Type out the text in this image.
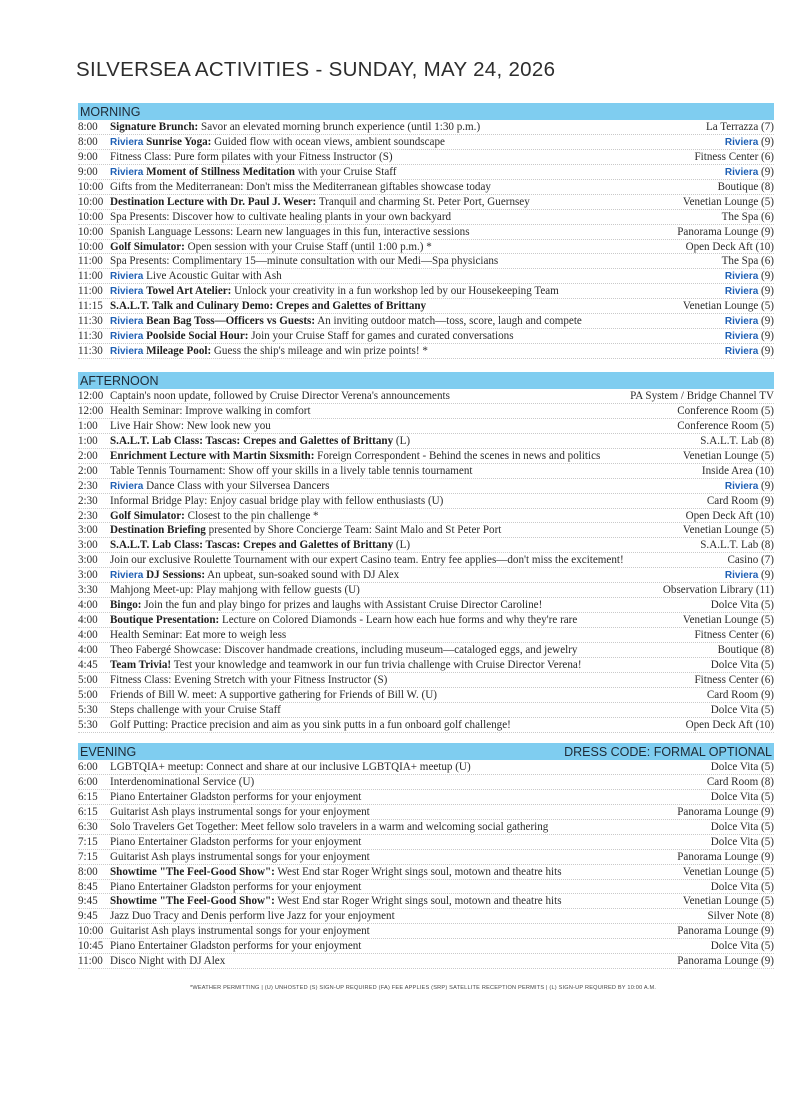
SILVERSEA ACTIVITIES - SUNDAY, MAY 24, 2026
MORNING
8:00	Signature Brunch: Savor an elevated morning brunch experience (until 1:30 p.m.)	La Terrazza (7)
8:00	Riviera Sunrise Yoga: Guided flow with ocean views, ambient soundscape	Riviera (9)
9:00	Fitness Class: Pure form pilates with your Fitness Instructor (S)	Fitness Center (6)
9:00	Riviera Moment of Stillness Meditation with your Cruise Staff	Riviera (9)
10:00 Gifts from the Mediterranean: Don't miss the Mediterranean giftables showcase today	Boutique (8)
10:00 Destination Lecture with Dr. Paul J. Weser: Tranquil and charming St. Peter Port, Guernsey	Venetian Lounge (5)
10:00 Spa Presents: Discover how to cultivate healing plants in your own backyard	The Spa (6)
10:00 Spanish Language Lessons: Learn new languages in this fun, interactive sessions	Panorama Lounge (9)
10:00 Golf Simulator: Open session with your Cruise Staff (until 1:00 p.m.) *	Open Deck Aft (10)
11:00 Spa Presents: Complimentary 15—minute consultation with our Medi—Spa physicians	The Spa (6)
11:00 Riviera Live Acoustic Guitar with Ash	Riviera (9)
11:00 Riviera Towel Art Atelier: Unlock your creativity in a fun workshop led by our Housekeeping Team	Riviera (9)
11:15 S.A.L.T. Talk and Culinary Demo: Crepes and Galettes of Brittany	Venetian Lounge (5)
11:30 Riviera Bean Bag Toss—Officers vs Guests: An inviting outdoor match—toss, score, laugh and compete	Riviera (9)
11:30 Riviera Poolside Social Hour: Join your Cruise Staff for games and curated conversations	Riviera (9)
11:30 Riviera Mileage Pool: Guess the ship's mileage and win prize points! *	Riviera (9)
AFTERNOON
12:00 Captain's noon update, followed by Cruise Director Verena's announcements	PA System / Bridge Channel TV
12:00 Health Seminar: Improve walking in comfort	Conference Room (5)
1:00	Live Hair Show: New look new you	Conference Room (5)
1:00	S.A.L.T. Lab Class: Tascas: Crepes and Galettes of Brittany (L)	S.A.L.T. Lab (8)
2:00	Enrichment Lecture with Martin Sixsmith: Foreign Correspondent - Behind the scenes in news and politics	Venetian Lounge (5)
2:00	Table Tennis Tournament: Show off your skills in a lively table tennis tournament	Inside Area (10)
2:30	Riviera Dance Class with your Silversea Dancers	Riviera (9)
2:30	Informal Bridge Play: Enjoy casual bridge play with fellow enthusiasts (U)	Card Room (9)
2:30	Golf Simulator: Closest to the pin challenge *	Open Deck Aft (10)
3:00	Destination Briefing presented by Shore Concierge Team: Saint Malo and St Peter Port	Venetian Lounge (5)
3:00	S.A.L.T. Lab Class: Tascas: Crepes and Galettes of Brittany (L)	S.A.L.T. Lab (8)
3:00	Join our exclusive Roulette Tournament with our expert Casino team. Entry fee applies—don't miss the excitement!	Casino (7)
3:00	Riviera DJ Sessions: An upbeat, sun-soaked sound with DJ Alex	Riviera (9)
3:30	Mahjong Meet-up: Play mahjong with fellow guests (U)	Observation Library (11)
4:00	Bingo: Join the fun and play bingo for prizes and laughs with Assistant Cruise Director Caroline!	Dolce Vita (5)
4:00	Boutique Presentation: Lecture on Colored Diamonds - Learn how each hue forms and why they're rare	Venetian Lounge (5)
4:00	Health Seminar: Eat more to weigh less	Fitness Center (6)
4:00	Theo Fabergé Showcase: Discover handmade creations, including museum—cataloged eggs, and jewelry	Boutique (8)
4:45	Team Trivia! Test your knowledge and teamwork in our fun trivia challenge with Cruise Director Verena!	Dolce Vita (5)
5:00	Fitness Class: Evening Stretch with your Fitness Instructor (S)	Fitness Center (6)
5:00	Friends of Bill W. meet: A supportive gathering for Friends of Bill W. (U)	Card Room (9)
5:30	Steps challenge with your Cruise Staff	Dolce Vita (5)
5:30	Golf Putting: Practice precision and aim as you sink putts in a fun onboard golf challenge!	Open Deck Aft (10)
EVENING	DRESS CODE: FORMAL OPTIONAL
6:00	LGBTQIA+ meetup: Connect and share at our inclusive LGBTQIA+ meetup (U)	Dolce Vita (5)
6:00	Interdenominational Service (U)	Card Room (8)
6:15	Piano Entertainer Gladston performs for your enjoyment	Dolce Vita (5)
6:15	Guitarist Ash plays instrumental songs for your enjoyment	Panorama Lounge (9)
6:30	Solo Travelers Get Together: Meet fellow solo travelers in a warm and welcoming social gathering	Dolce Vita (5)
7:15	Piano Entertainer Gladston performs for your enjoyment	Dolce Vita (5)
7:15	Guitarist Ash plays instrumental songs for your enjoyment	Panorama Lounge (9)
8:00	Showtime "The Feel-Good Show": West End star Roger Wright sings soul, motown and theatre hits	Venetian Lounge (5)
8:45	Piano Entertainer Gladston performs for your enjoyment	Dolce Vita (5)
9:45	Showtime "The Feel-Good Show": West End star Roger Wright sings soul, motown and theatre hits	Venetian Lounge (5)
9:45	Jazz Duo Tracy and Denis perform live Jazz for your enjoyment	Silver Note (8)
10:00 Guitarist Ash plays instrumental songs for your enjoyment	Panorama Lounge (9)
10:45 Piano Entertainer Gladston performs for your enjoyment	Dolce Vita (5)
11:00 Disco Night with DJ Alex	Panorama Lounge (9)
*WEATHER PERMITTING | (U) UNHOSTED (S) SIGN-UP REQUIRED (FA) FEE APPLIES (SRP) SATELLITE RECEPTION PERMITS | (L) SIGN-UP REQUIRED BY 10:00 A.M.
